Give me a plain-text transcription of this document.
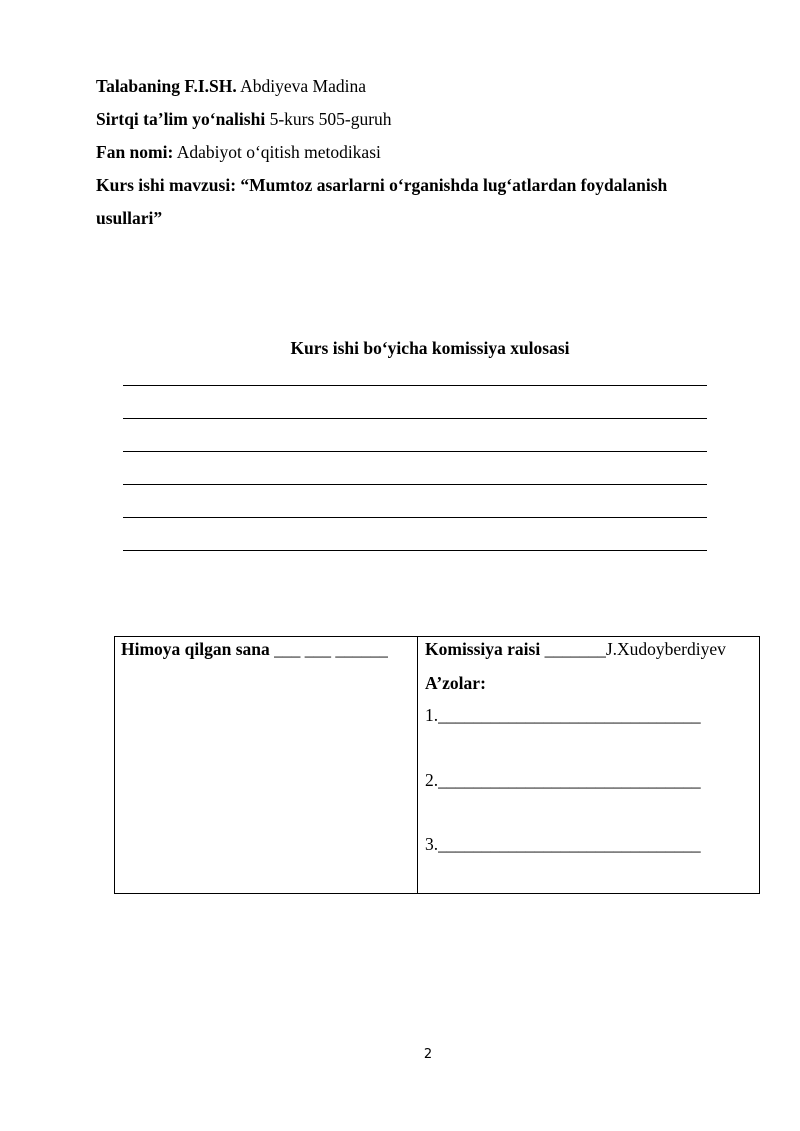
Talabaning F.I.SH. Abdiyeva Madina
Sirtqi ta’lim yo‘nalishi 5-kurs 505-guruh
Fan nomi: Adabiyot o‘qitish metodikasi
Kurs ishi mavzusi: “Mumtoz asarlarni o‘rganishda lug‘atlardan foydalanish
usullari”
Kurs ishi bo‘yicha komissiya xulosasi
Himoya qilgan sana ___ ___ ______ Komissiya raisi _______J.Xudoyberdiyev
A’zolar:
1.______________________________
2.______________________________
3.______________________________
2
